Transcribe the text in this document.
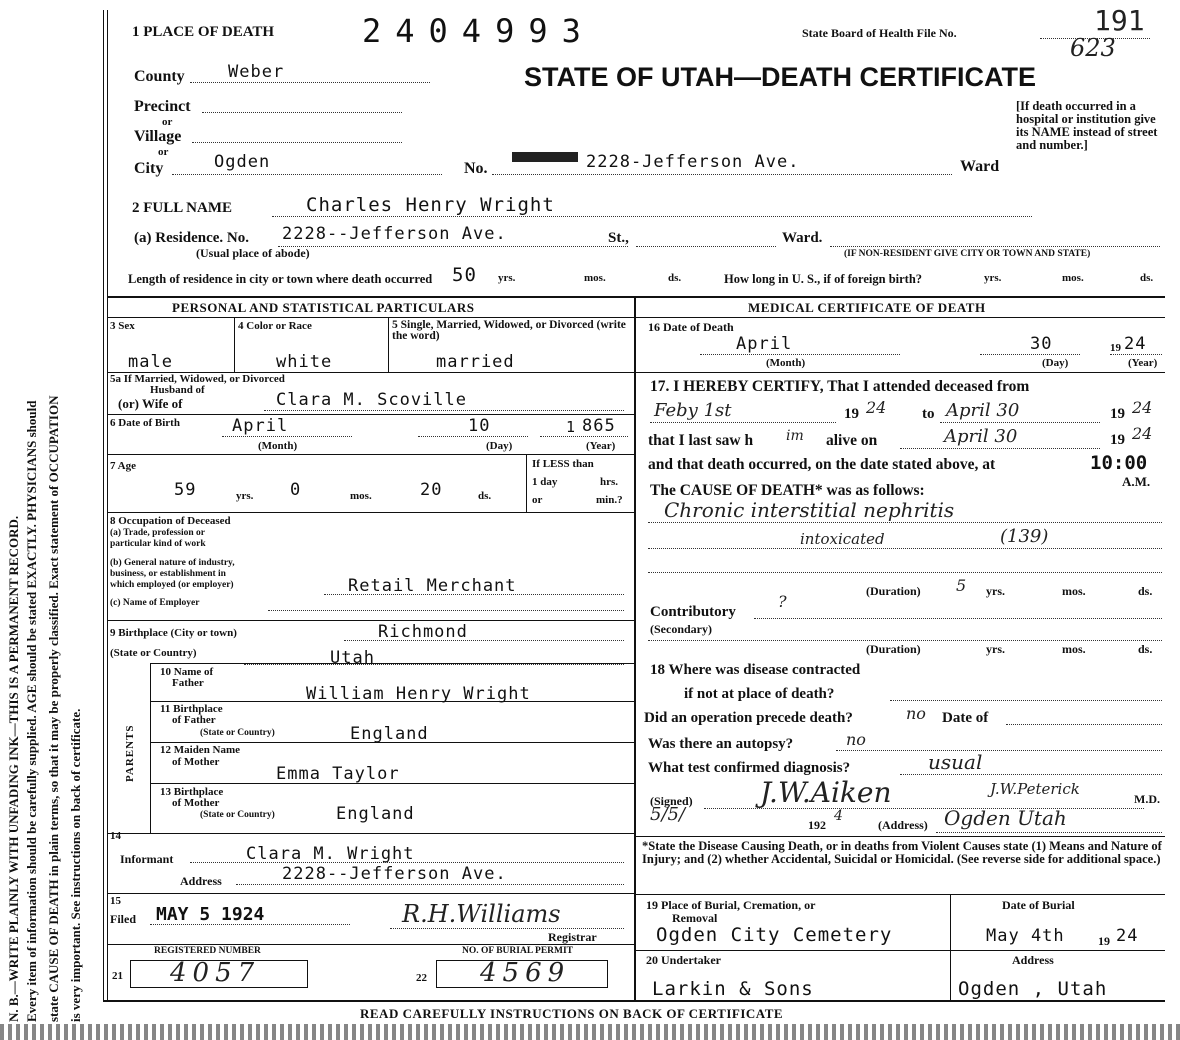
N. B.—WRITE PLAINLY WITH UNFADING INK—THIS IS A PERMANENT RECORD. Every item of information should be carefully supplied. AGE should be stated EXACTLY. PHYSICIANS should state CAUSE OF DEATH in plain terms, so that it may be properly classified. Exact statement of OCCUPATION is very important. See instructions on back of certificate.
1 PLACE OF DEATH	2404993	State Board of Health File No.	191
623
STATE OF UTAH—DEATH CERTIFICATE
[If death occurred in a hospital or institution give its NAME instead of street and number.]
County	Weber
Precinct
or
Village
or
City	Ogden	No.	2228-Jefferson Ave.	Ward
2 FULL NAME	Charles Henry Wright
(a) Residence. No. 2228--Jefferson Ave.	St.,	Ward.
(Usual place of abode)	(IF NON-RESIDENT GIVE CITY OR TOWN AND STATE)
Length of residence in city or town where death occurred 50 yrs.	mos.	ds.	How long in U. S., if of foreign birth?	yrs.	mos.	ds.
PERSONAL AND STATISTICAL PARTICULARS
3 Sex	4 Color or Race	5 Single, Married, Widowed, or Divorced (write the word)
male	white	married
5a If Married, Widowed, or Divorced
Husband of
(or) Wife of	Clara M. Scoville
6 Date of Birth	April	10	1 865
(Month)	(Day)	(Year)
7 Age
59	yrs. 0	mos.	20	ds.
If LESS than
1 day	hrs.
or	min.?
8 Occupation of Deceased
(a) Trade, profession or
particular kind of work
(b) General nature of industry,
business, or establishment in
which employed (or employer)	Retail Merchant
(c) Name of Employer
9 Birthplace (City or town)	Richmond
(State or Country)	Utah
PARENTS
10 Name of
Father
William Henry Wright
11 Birthplace
of Father
(State or Country)	England
12 Maiden Name
of Mother
Emma Taylor
13 Birthplace
of Mother
(State or Country)	England
14
Informant	Clara M. Wright
Address	2228--Jefferson Ave.
15
Filed MAY 5 1924	R.H.Williams
Registrar
REGISTERED NUMBER
21 4057
NO. OF BURIAL PERMIT
22 4569
MEDICAL CERTIFICATE OF DEATH
16 Date of Death
April	30	19 24
(Month)	(Day)	(Year)
17. I HEREBY CERTIFY, That I attended deceased from
Feby 1st	19 24 to April 30	19 24
that I last saw h im alive on	April 30	19 24
and that death occurred, on the date stated above, at	10:00
A.M.
The CAUSE OF DEATH* was as follows:
Chronic interstitial nephritis
intoxicated	(139)
(Duration) 5 yrs.	mos.	ds.
Contributory
?
(Secondary)
(Duration)	yrs.	mos.	ds.
18 Where was disease contracted
if not at place of death?
Did an operation precede death?	no Date of
Was there an autopsy?	no
What test confirmed diagnosis?	usual
(Signed) J.W.Aiken	J.W.Peterick
M.D.
5/5/	192
4
(Address) Ogden Utah
*State the Disease Causing Death, or in deaths from Violent Causes state (1) Means and Nature of Injury; and (2) whether Accidental, Suicidal or Homicidal. (See reverse side for additional space.)
19 Place of Burial, Cremation, or
Removal
Ogden City Cemetery
Date of Burial
May 4th	19 24
20 Undertaker
Larkin & Sons
Address
Ogden , Utah
READ CAREFULLY INSTRUCTIONS ON BACK OF CERTIFICATE
